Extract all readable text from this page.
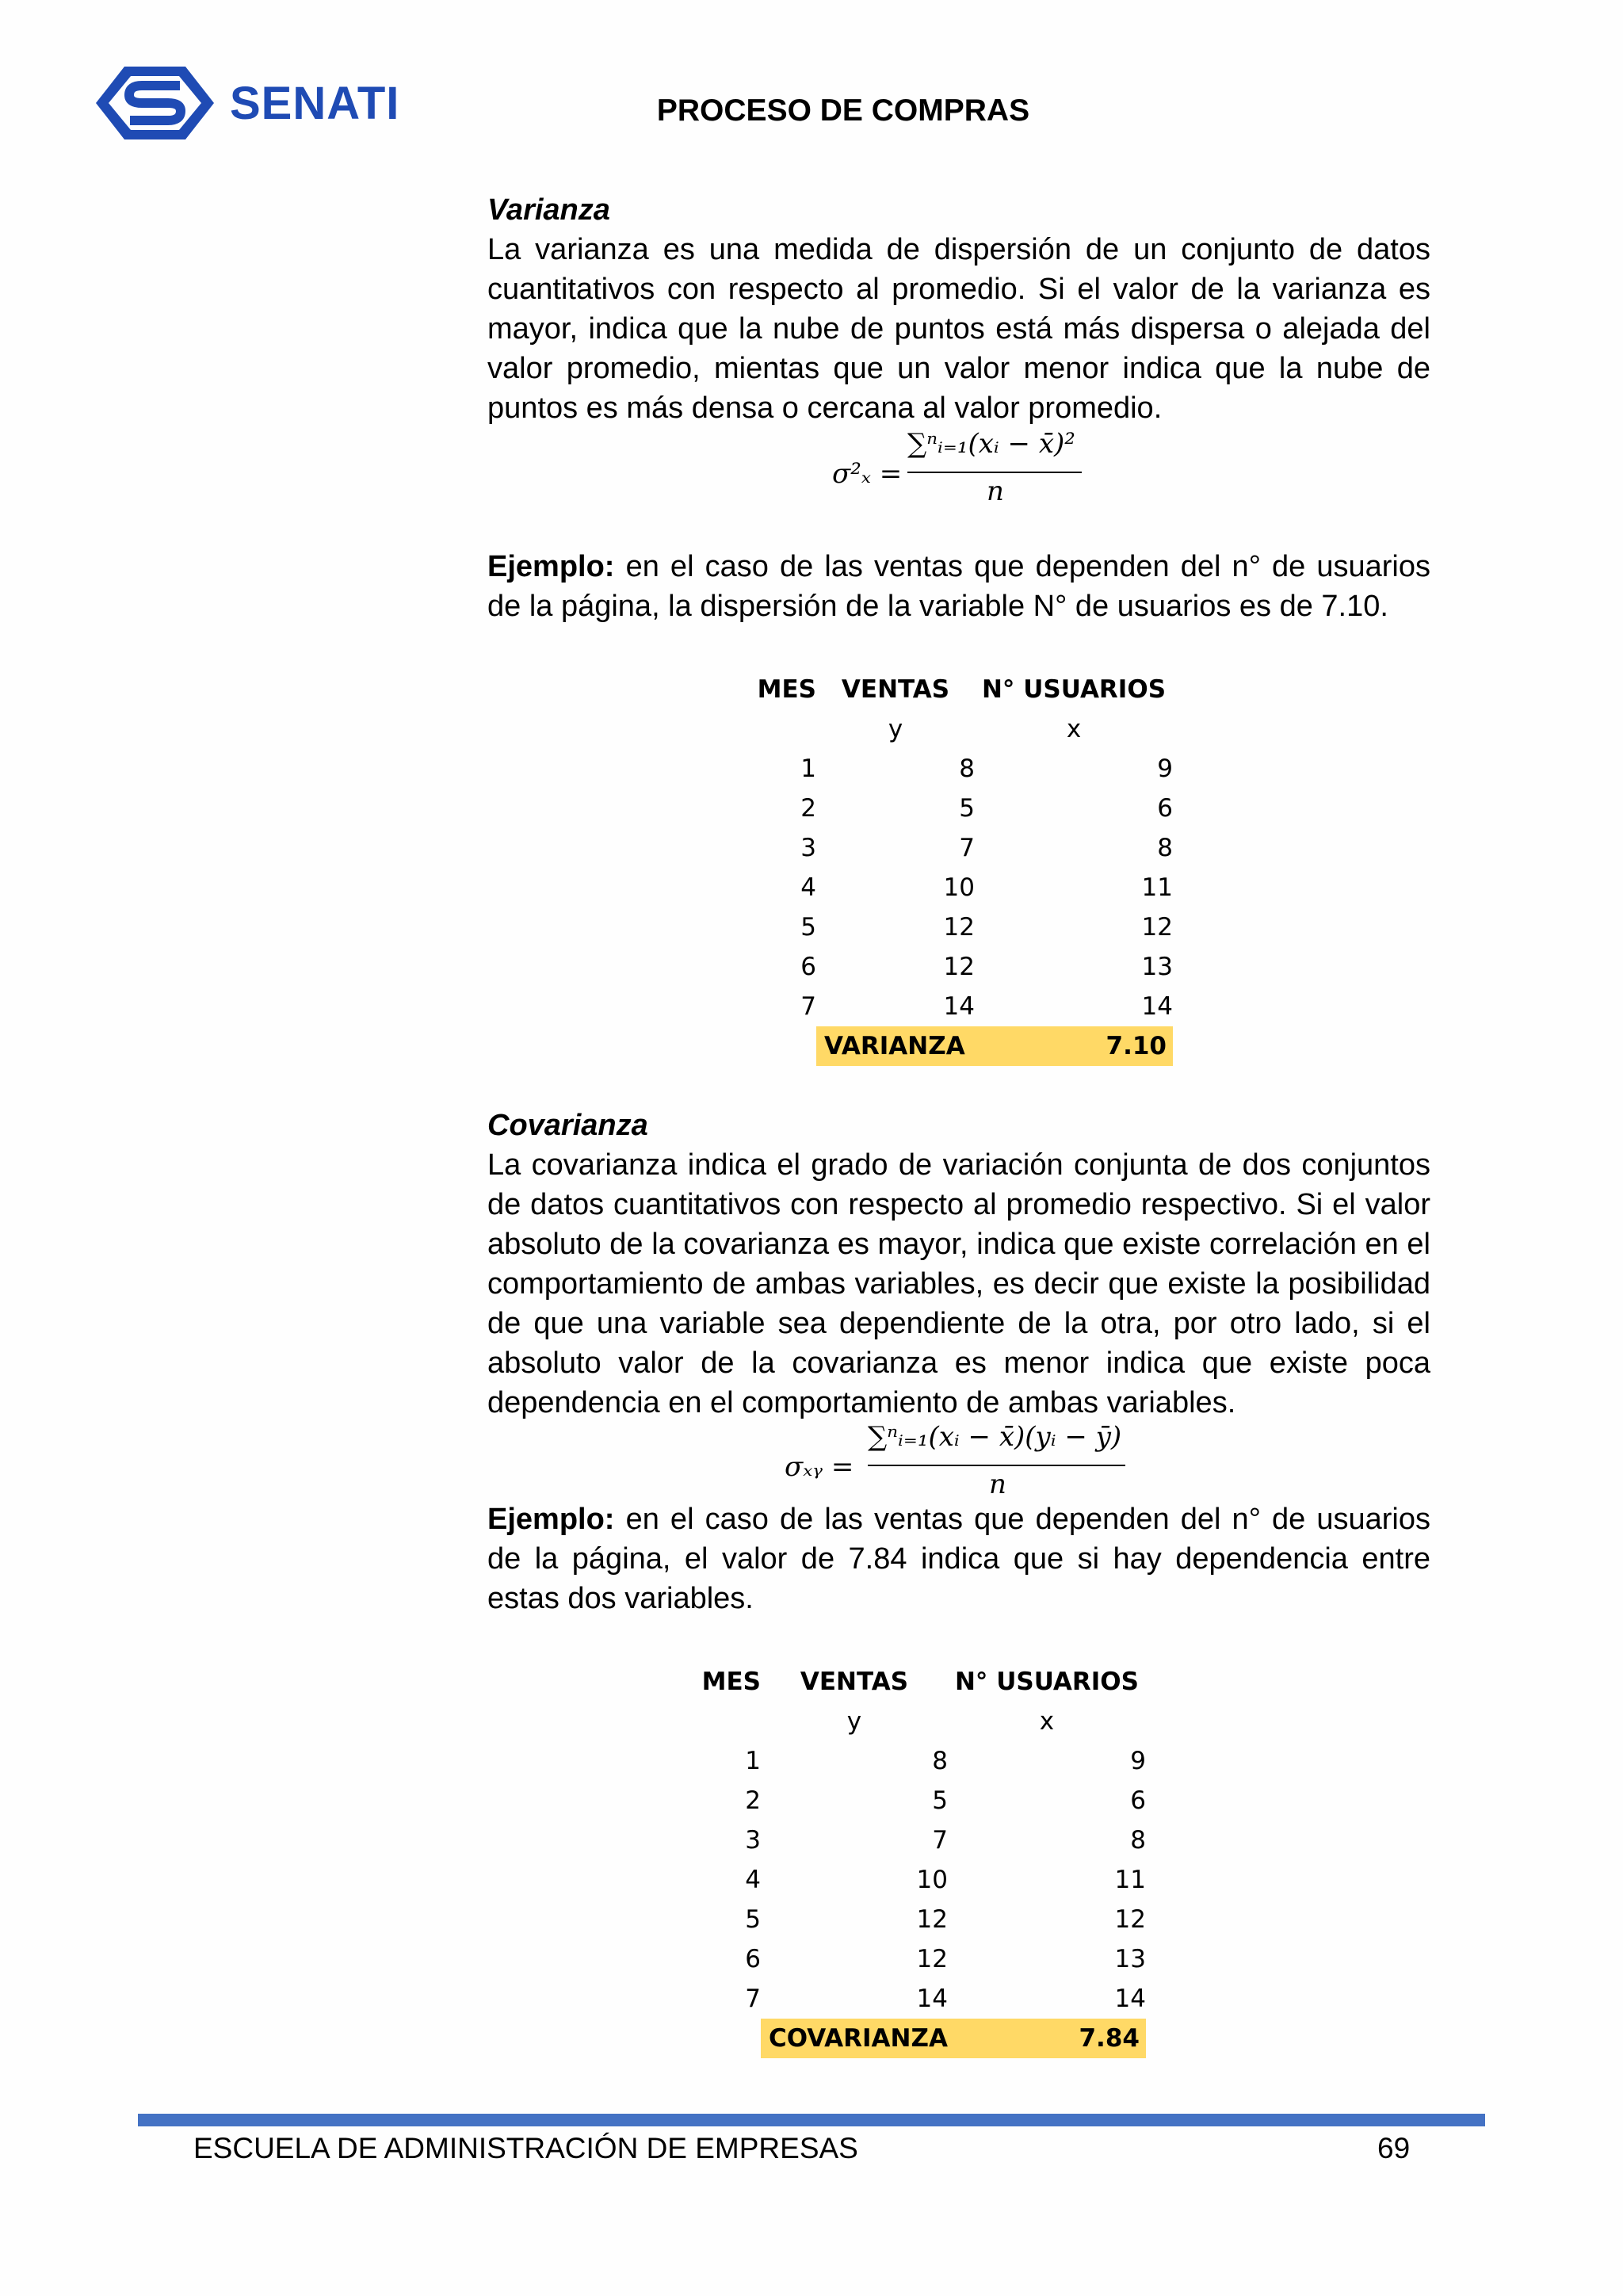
SENATI	PROCESO DE COMPRAS
Varianza
La varianza es una medida de dispersión de un conjunto de datos cuantitativos con respecto al promedio. Si el valor de la varianza es mayor, indica que la nube de puntos está más dispersa o alejada del valor promedio, mientas que un valor menor indica que la nube de puntos es más densa o cercana al valor promedio.
σ²ₓ =
∑ⁿᵢ₌₁(xᵢ − x̄)²
n
Ejemplo: en el caso de las ventas que dependen del n° de usuarios de la página, la dispersión de la variable N° de usuarios es de 7.10.
MES	VENTAS	N° USUARIOS
	y	x
1	8	9
2	5	6
3	7	8
4	10	11
5	12	12
6	12	13
7	14	14
	VARIANZA	7.10
Covarianza
La covarianza indica el grado de variación conjunta de dos conjuntos de datos cuantitativos con respecto al promedio respectivo. Si el valor absoluto de la covarianza es mayor, indica que existe correlación en el comportamiento de ambas variables, es decir que existe la posibilidad de que una variable sea dependiente de la otra, por otro lado, si el absoluto valor de la covarianza es menor indica que existe poca dependencia en el comportamiento de ambas variables.
σₓᵧ =
∑ⁿᵢ₌₁(xᵢ − x̄)(yᵢ − ȳ)
n
Ejemplo: en el caso de las ventas que dependen del n° de usuarios de la página, el valor de 7.84 indica que si hay dependencia entre estas dos variables.
MES	VENTAS	N° USUARIOS
	y	x
1	8	9
2	5	6
3	7	8
4	10	11
5	12	12
6	12	13
7	14	14
	COVARIANZA	7.84
ESCUELA DE ADMINISTRACIÓN DE EMPRESAS	69
